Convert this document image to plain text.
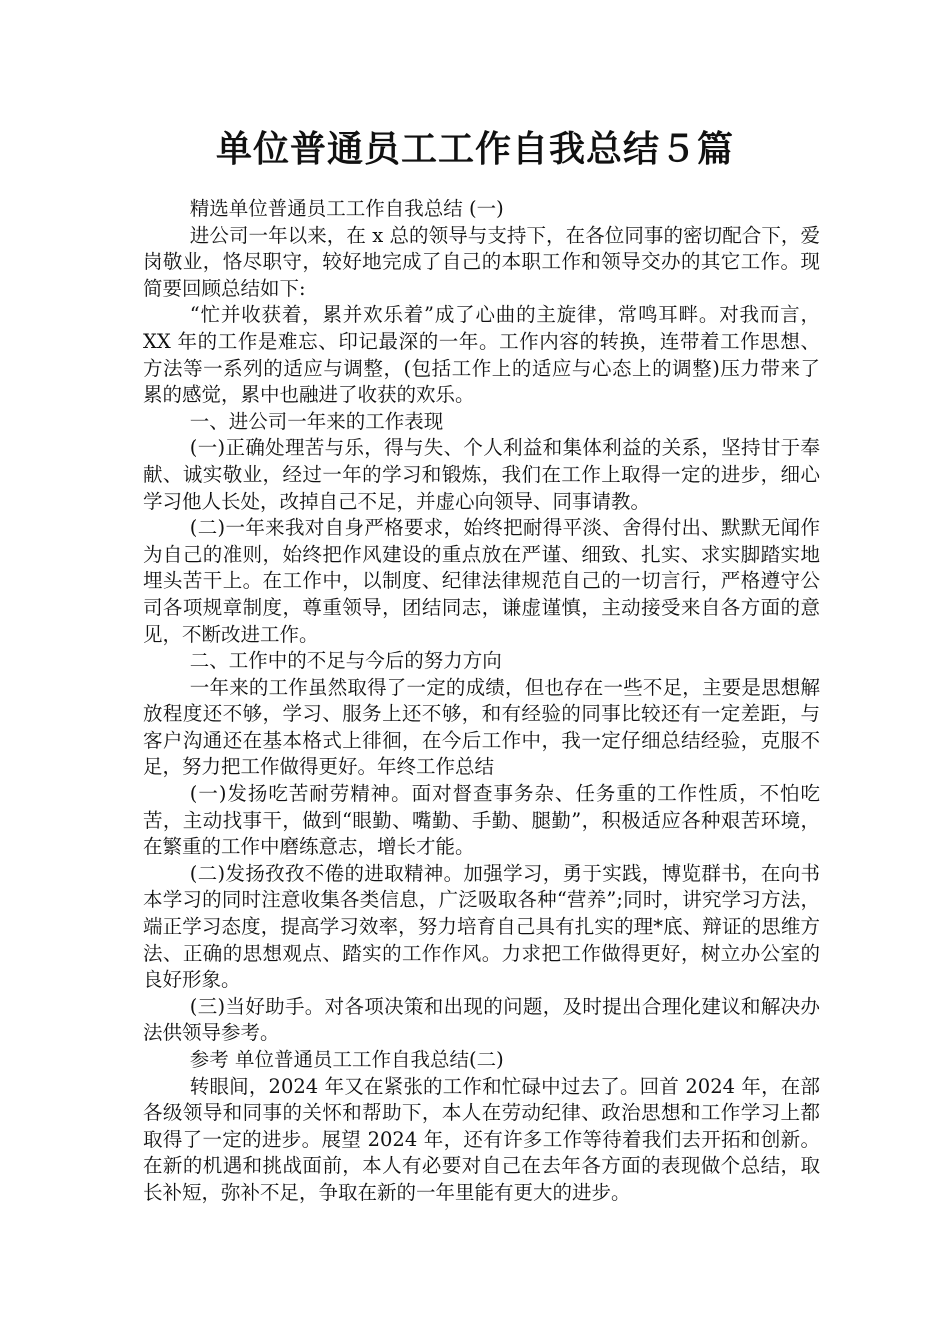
单位普通员工工作自我总结５篇

精选单位普通员工工作自我总结 (一)

进公司一年以来，在 x 总的领导与支持下，在各位同事的密切配合下，爱岗敬业，恪尽职守，较好地完成了自己的本职工作和领导交办的其它工作。现简要回顾总结如下:

“忙并收获着，累并欢乐着”成了心曲的主旋律，常鸣耳畔。对我而言，XX 年的工作是难忘、印记最深的一年。工作内容的转换，连带着工作思想、方法等一系列的适应与调整，(包括工作上的适应与心态上的调整)压力带来了累的感觉，累中也融进了收获的欢乐。

一、进公司一年来的工作表现

(一)正确处理苦与乐，得与失、个人利益和集体利益的关系，坚持甘于奉献、诚实敬业，经过一年的学习和锻炼，我们在工作上取得一定的进步，细心学习他人长处，改掉自己不足，并虚心向领导、同事请教。

(二)一年来我对自身严格要求，始终把耐得平淡、舍得付出、默默无闻作为自己的准则，始终把作风建设的重点放在严谨、细致、扎实、求实脚踏实地埋头苦干上。在工作中，以制度、纪律法律规范自己的一切言行，严格遵守公司各项规章制度，尊重领导，团结同志，谦虚谨慎，主动接受来自各方面的意见，不断改进工作。

二、工作中的不足与今后的努力方向

一年来的工作虽然取得了一定的成绩，但也存在一些不足，主要是思想解放程度还不够，学习、服务上还不够，和有经验的同事比较还有一定差距，与客户沟通还在基本格式上徘徊，在今后工作中，我一定仔细总结经验，克服不足，努力把工作做得更好。年终工作总结

(一)发扬吃苦耐劳精神。面对督查事务杂、任务重的工作性质，不怕吃苦，主动找事干，做到“眼勤、嘴勤、手勤、腿勤”，积极适应各种艰苦环境，在繁重的工作中磨练意志，增长才能。

(二)发扬孜孜不倦的进取精神。加强学习，勇于实践，博览群书，在向书本学习的同时注意收集各类信息，广泛吸取各种“营养”;同时，讲究学习方法，端正学习态度，提高学习效率，努力培育自己具有扎实的理*底、辩证的思维方法、正确的思想观点、踏实的工作作风。力求把工作做得更好，树立办公室的良好形象。

(三)当好助手。对各项决策和出现的问题，及时提出合理化建议和解决办法供领导参考。

参考 单位普通员工工作自我总结(二)

转眼间，2024 年又在紧张的工作和忙碌中过去了。回首 2024 年，在部各级领导和同事的关怀和帮助下，本人在劳动纪律、政治思想和工作学习上都取得了一定的进步。展望 2024 年，还有许多工作等待着我们去开拓和创新。在新的机遇和挑战面前，本人有必要对自己在去年各方面的表现做个总结，取长补短，弥补不足，争取在新的一年里能有更大的进步。
